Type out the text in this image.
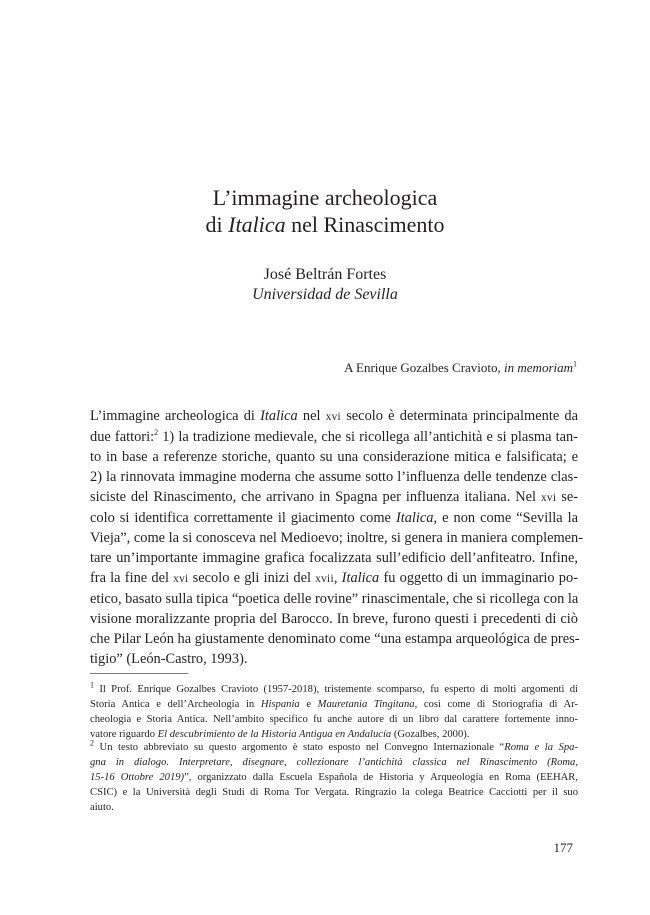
L’immagine archeologica
di Italica nel Rinascimento
José Beltrán Fortes
Universidad de Sevilla
A Enrique Gozalbes Cravioto, in memoriam$^1$
L’immagine archeologica di Italica nel xvi secolo è determinata principalmente da
due fattori:$^2$ 1) la tradizione medievale, che si ricollega all’antichità e si plasma tan-
to in base a referenze storiche, quanto su una considerazione mitica e falsificata; e
2) la rinnovata immagine moderna che assume sotto l’influenza delle tendenze clas-
siciste del Rinascimento, che arrivano in Spagna per influenza italiana. Nel xvi se-
colo si identifica correttamente il giacimento come Italica, e non come “Sevilla la
Vieja”, come la si conosceva nel Medioevo; inoltre, si genera in maniera complemen-
tare un’importante immagine grafica focalizzata sull’edificio dell’anfiteatro. Infine,
fra la fine del xvi secolo e gli inizi del xvii, Italica fu oggetto di un immaginario po-
etico, basato sulla tipica “poetica delle rovine” rinascimentale, che si ricollega con la
visione moralizzante propria del Barocco. In breve, furono questi i precedenti di ciò
che Pilar León ha giustamente denominato come “una estampa arqueológica de pres-
tigio” (León-Castro, 1993).
$^1$ Il Prof. Enrique Gozalbes Cravioto (1957-2018), tristemente scomparso, fu esperto di molti argomenti di
Storia Antica e dell’Archeologia in Hispania e Mauretania Tingitana, così come di Storiografia di Ar-
cheologia e Storia Antica. Nell’ambito specifico fu anche autore di un libro dal carattere fortemente inno-
vatore riguardo El descubrimiento de la Historia Antigua en Andalucía (Gozalbes, 2000).
$^2$ Un testo abbreviato su questo argomento è stato esposto nel Convegno Internazionale “Roma e la Spa-
gna in dialogo. Interpretare, disegnare, collezionare l’antichità classica nel Rinascimento (Roma,
15-16 Ottobre 2019)”, organizzato dalla Escuela Española de Historia y Arqueología en Roma (EEHAR,
CSIC) e la Università degli Studi di Roma Tor Vergata. Ringrazio la colega Beatrice Cacciotti per il suo
aiuto.
177
